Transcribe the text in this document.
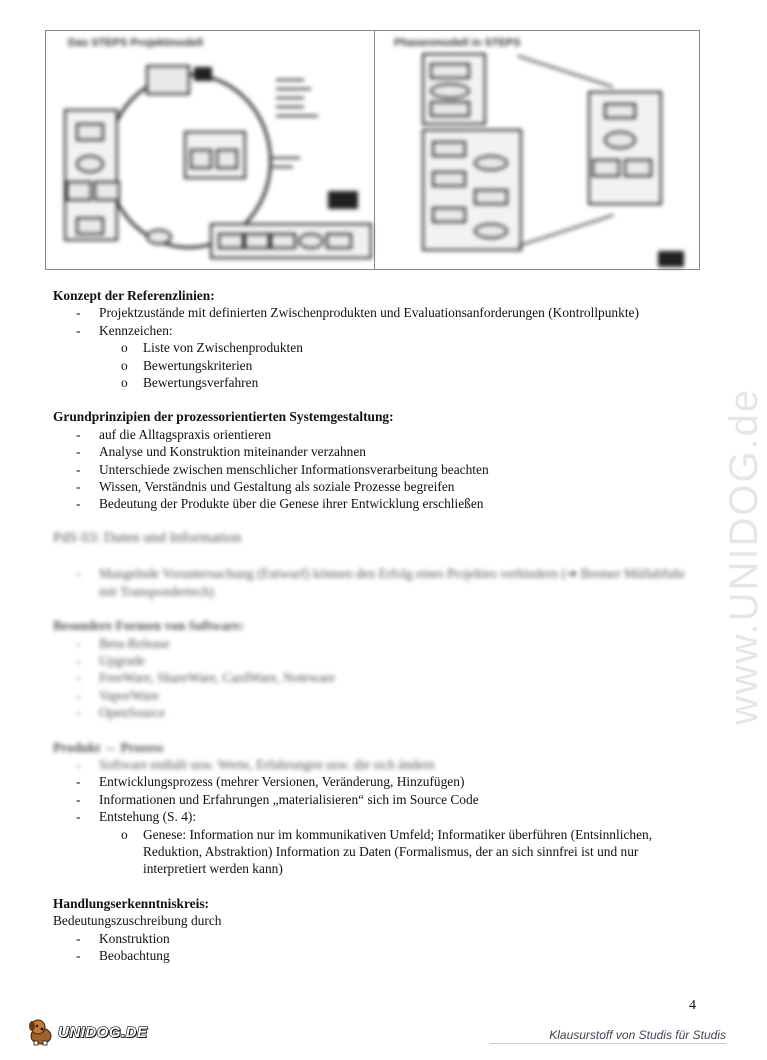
Das STEPS Projektmodell
▬▬▬▬
▬▬▬▬▬
▬▬▬▬
▬▬▬▬
▬▬▬▬▬▬
▬▬▬▬
▬▬▬
Phasenmodell in STEPS
Konzept der Referenzlinien:
- Projektzustände mit definierten Zwischenprodukten und Evaluationsanforderungen (Kontrollpunkte)
- Kennzeichen:
o Liste von Zwischenprodukten
o Bewertungskriterien
o Bewertungsverfahren
Grundprinzipien der prozessorientierten Systemgestaltung:
- auf die Alltagspraxis orientieren
- Analyse und Konstruktion miteinander verzahnen
- Unterschiede zwischen menschlicher Informationsverarbeitung beachten
- Wissen, Verständnis und Gestaltung als soziale Prozesse begreifen
- Bedeutung der Produkte über die Genese ihrer Entwicklung erschließen
PdS 03: Daten und Information
- Mangelnde Voruntersuchung (Entwurf) können den Erfolg eines Projektes verhindern (➔ Bremer Müllabfuhr mit Transpondertech)
Besondere Formen von Software:
- Beta-Release
- Upgrade
- FreeWare, ShareWare, CardWare, Noteware
- VaporWare
- OpenSource
Produkt ⇔ Prozess
- Software enthält usw. Werte, Erfahrungen usw. die sich ändern
- Entwicklungsprozess (mehrer Versionen, Veränderung, Hinzufügen)
- Informationen und Erfahrungen „materialisieren“ sich im Source Code
- Entstehung (S. 4):
o Genese: Information nur im kommunikativen Umfeld; Informatiker überführen (Entsinnlichen, Reduktion, Abstraktion) Information zu Daten (Formalismus, der an sich sinnfrei ist und nur interpretiert werden kann)
Handlungserkenntniskreis:
Bedeutungszuschreibung durch
- Konstruktion
- Beobachtung
www.UNIDOG.de
4
UNIDOG.DE	Klausurstoff von Studis für Studis
